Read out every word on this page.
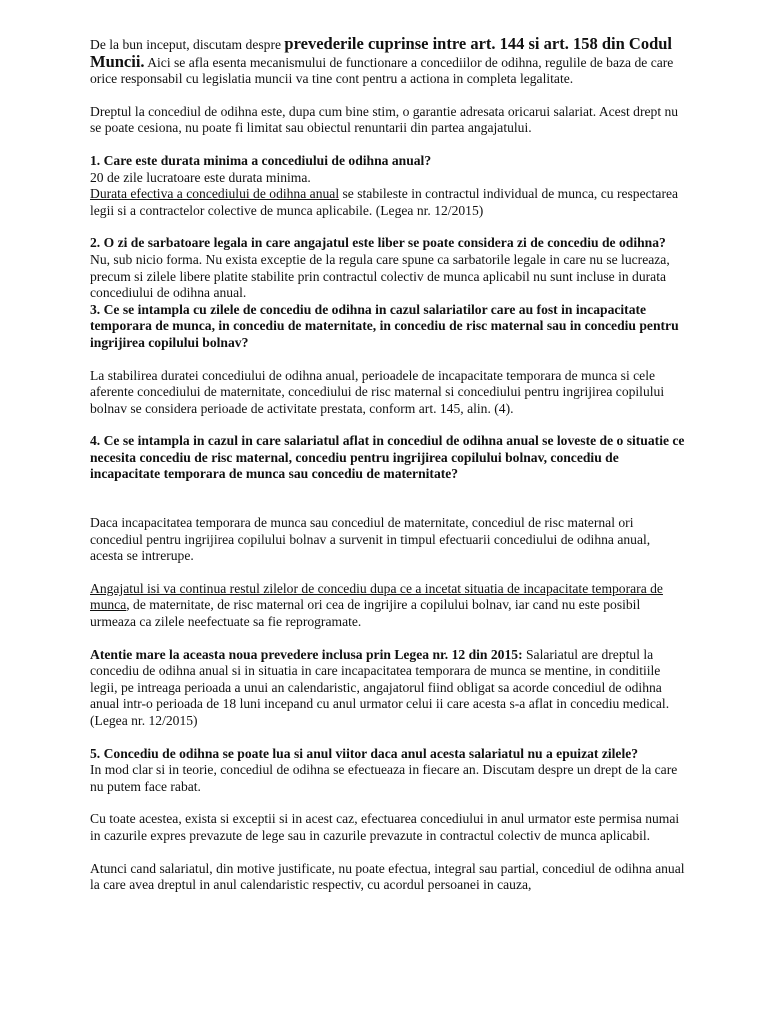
De la bun inceput, discutam despre prevederile cuprinse intre art. 144 si art. 158 din Codul Muncii. Aici se afla esenta mecanismului de functionare a concediilor de odihna, regulile de baza de care orice responsabil cu legislatia muncii va tine cont pentru a actiona in completa legalitate.

Dreptul la concediul de odihna este, dupa cum bine stim, o garantie adresata oricarui salariat. Acest drept nu se poate cesiona, nu poate fi limitat sau obiectul renuntarii din partea angajatului.

1. Care este durata minima a concediului de odihna anual?

20 de zile lucratoare este durata minima.

Durata efectiva a concediului de odihna anual se stabileste in contractul individual de munca, cu respectarea legii si a contractelor colective de munca aplicabile. (Legea nr. 12/2015)

2. O zi de sarbatoare legala in care angajatul este liber se poate considera zi de concediu de odihna?

Nu, sub nicio forma. Nu exista exceptie de la regula care spune ca sarbatorile legale in care nu se lucreaza, precum si zilele libere platite stabilite prin contractul colectiv de munca aplicabil nu sunt incluse in durata concediului de odihna anual.

3. Ce se intampla cu zilele de concediu de odihna in cazul salariatilor care au fost in incapacitate temporara de munca, in concediu de maternitate, in concediu de risc maternal sau in concediu pentru ingrijirea copilului bolnav?

La stabilirea duratei concediului de odihna anual, perioadele de incapacitate temporara de munca si cele aferente concediului de maternitate, concediului de risc maternal si concediului pentru ingrijirea copilului bolnav se considera perioade de activitate prestata, conform art. 145, alin. (4).

4. Ce se intampla in cazul in care salariatul aflat in concediul de odihna anual se loveste de o situatie ce necesita concediu de risc maternal, concediu pentru ingrijirea copilului bolnav, concediu de incapacitate temporara de munca sau concediu de maternitate?

Daca incapacitatea temporara de munca sau concediul de maternitate, concediul de risc maternal ori concediul pentru ingrijirea copilului bolnav a survenit in timpul efectuarii concediului de odihna anual, acesta se intrerupe.

Angajatul isi va continua restul zilelor de concediu dupa ce a incetat situatia de incapacitate temporara de munca, de maternitate, de risc maternal ori cea de ingrijire a copilului bolnav, iar cand nu este posibil urmeaza ca zilele neefectuate sa fie reprogramate.

Atentie mare la aceasta noua prevedere inclusa prin Legea nr. 12 din 2015: Salariatul are dreptul la concediu de odihna anual si in situatia in care incapacitatea temporara de munca se mentine, in conditiile legii, pe intreaga perioada a unui an calendaristic, angajatorul fiind obligat sa acorde concediul de odihna anual intr-o perioada de 18 luni incepand cu anul urmator celui ii care acesta s-a aflat in concediu medical. (Legea nr. 12/2015)

5. Concediu de odihna se poate lua si anul viitor daca anul acesta salariatul nu a epuizat zilele?

In mod clar si in teorie, concediul de odihna se efectueaza in fiecare an. Discutam despre un drept de la care nu putem face rabat.

Cu toate acestea, exista si exceptii si in acest caz, efectuarea concediului in anul urmator este permisa numai in cazurile expres prevazute de lege sau in cazurile prevazute in contractul colectiv de munca aplicabil.

Atunci cand salariatul, din motive justificate, nu poate efectua, integral sau partial, concediul de odihna anual la care avea dreptul in anul calendaristic respectiv, cu acordul persoanei in cauza,
